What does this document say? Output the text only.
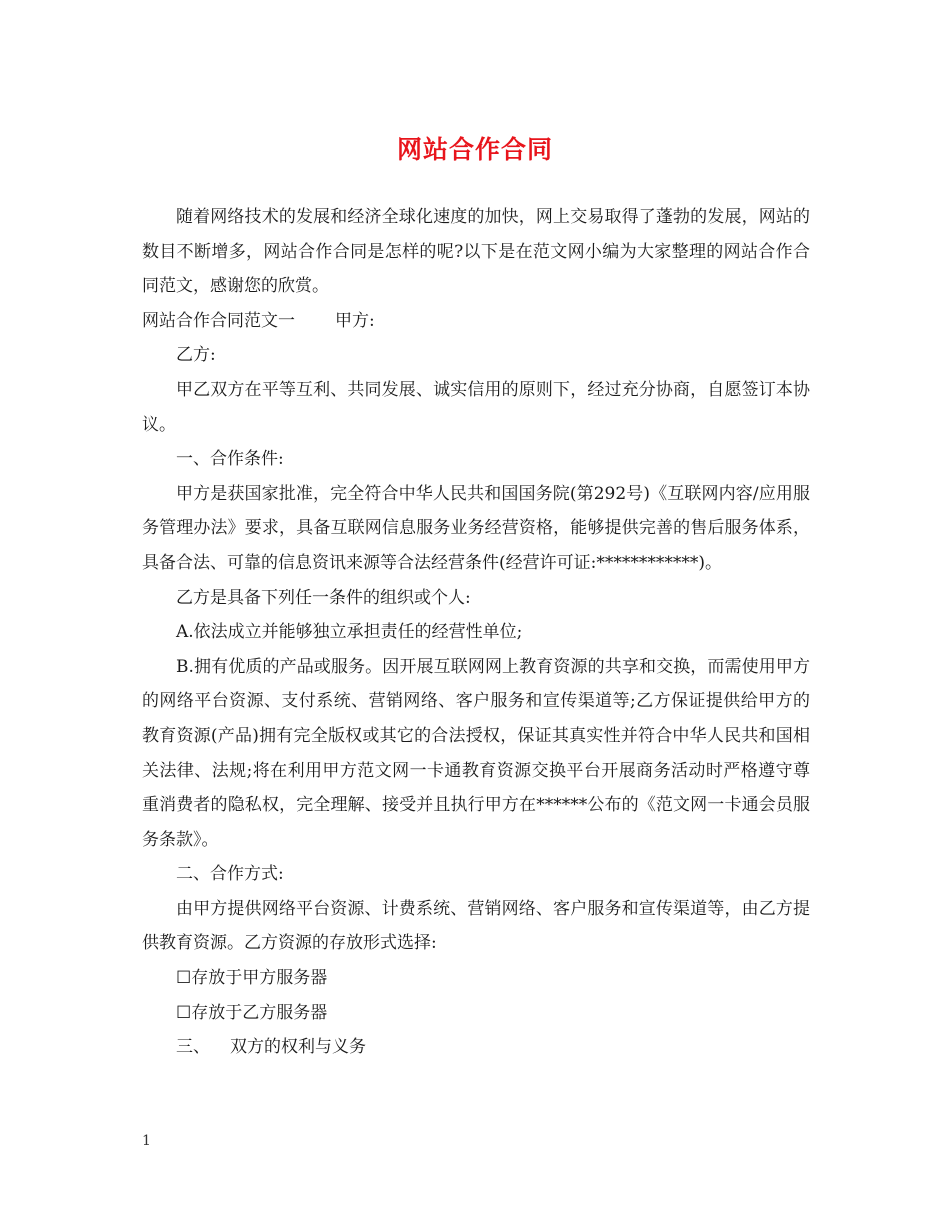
网站合作合同

随着网络技术的发展和经济全球化速度的加快，网上交易取得了蓬勃的发展，网站的数目不断增多，网站合作合同是怎样的呢?以下是在范文网小编为大家整理的网站合作合同范文，感谢您的欣赏。

网站合作合同范文一 甲方:

乙方:

甲乙双方在平等互利、共同发展、诚实信用的原则下，经过充分协商，自愿签订本协议。

一、合作条件:

甲方是获国家批准，完全符合中华人民共和国国务院(第292号)《互联网内容/应用服务管理办法》要求，具备互联网信息服务业务经营资格，能够提供完善的售后服务体系，具备合法、可靠的信息资讯来源等合法经营条件(经营许可证:************)。

乙方是具备下列任一条件的组织或个人:

A.依法成立并能够独立承担责任的经营性单位;

B.拥有优质的产品或服务。因开展互联网网上教育资源的共享和交换，而需使用甲方的网络平台资源、支付系统、营销网络、客户服务和宣传渠道等;乙方保证提供给甲方的教育资源(产品)拥有完全版权或其它的合法授权，保证其真实性并符合中华人民共和国相关法律、法规;将在利用甲方范文网一卡通教育资源交换平台开展商务活动时严格遵守尊重消费者的隐私权，完全理解、接受并且执行甲方在******公布的《范文网一卡通会员服务条款》。

二、合作方式:

由甲方提供网络平台资源、计费系统、营销网络、客户服务和宣传渠道等，由乙方提供教育资源。乙方资源的存放形式选择:

☐存放于甲方服务器

☐存放于乙方服务器

三、 双方的权利与义务

1
